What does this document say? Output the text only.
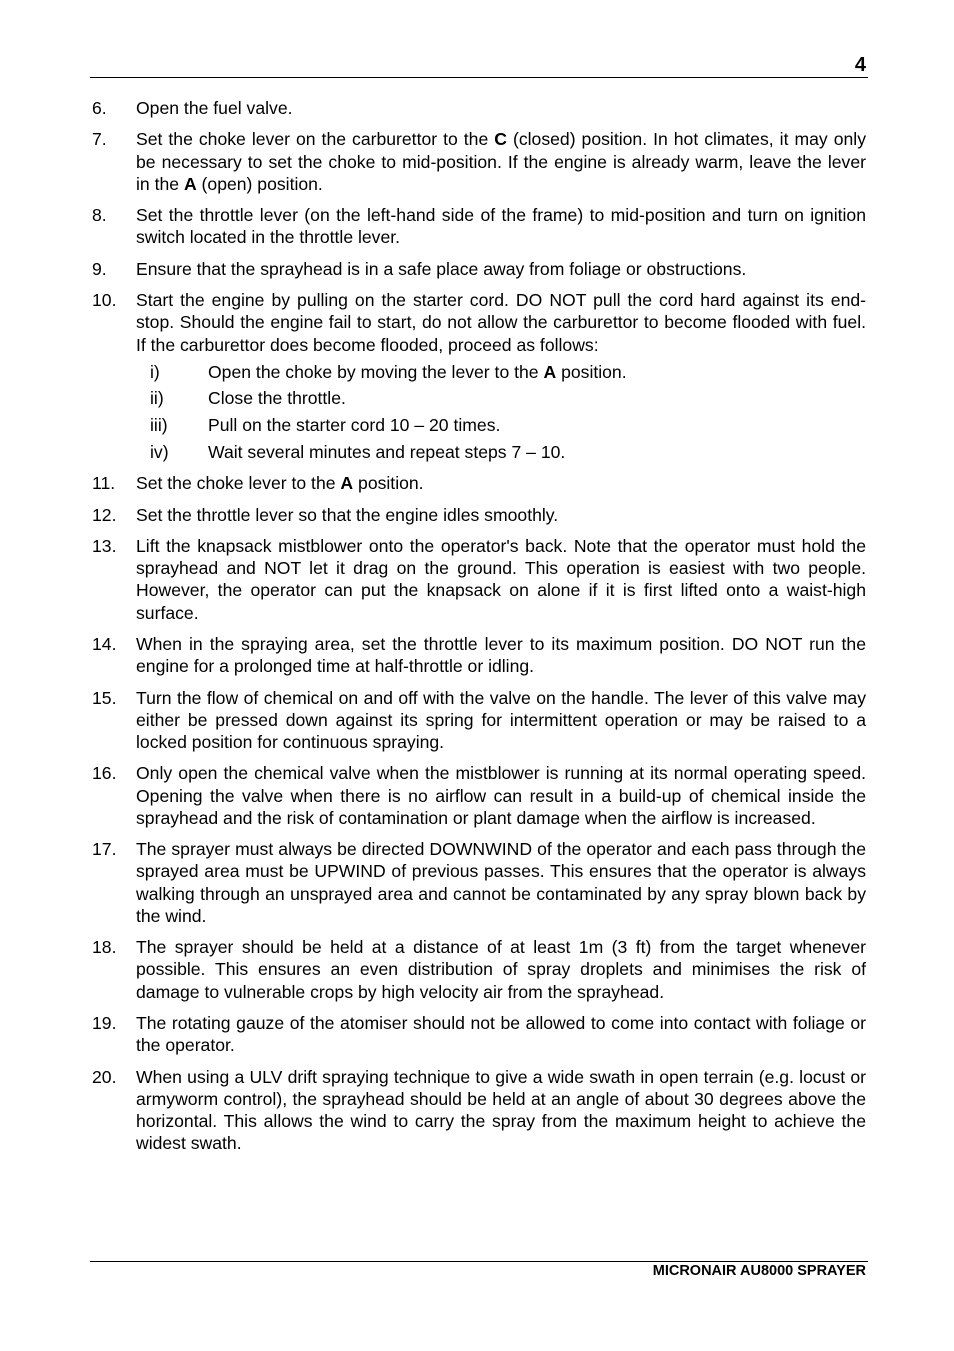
4
6.	Open the fuel valve.
7.	Set the choke lever on the carburettor to the C (closed) position. In hot climates, it may only be necessary to set the choke to mid-position. If the engine is already warm, leave the lever in the A (open) position.
8.	Set the throttle lever (on the left-hand side of the frame) to mid-position and turn on ignition switch located in the throttle lever.
9.	Ensure that the sprayhead is in a safe place away from foliage or obstructions.
10.	Start the engine by pulling on the starter cord. DO NOT pull the cord hard against its end-stop. Should the engine fail to start, do not allow the carburettor to become flooded with fuel. If the carburettor does become flooded, proceed as follows:
i)	Open the choke by moving the lever to the A position.
ii)	Close the throttle.
iii)	Pull on the starter cord 10 – 20 times.
iv)	Wait several minutes and repeat steps 7 – 10.
11.	Set the choke lever to the A position.
12.	Set the throttle lever so that the engine idles smoothly.
13.	Lift the knapsack mistblower onto the operator's back. Note that the operator must hold the sprayhead and NOT let it drag on the ground. This operation is easiest with two people. However, the operator can put the knapsack on alone if it is first lifted onto a waist-high surface.
14.	When in the spraying area, set the throttle lever to its maximum position. DO NOT run the engine for a prolonged time at half-throttle or idling.
15.	Turn the flow of chemical on and off with the valve on the handle. The lever of this valve may either be pressed down against its spring for intermittent operation or may be raised to a locked position for continuous spraying.
16.	Only open the chemical valve when the mistblower is running at its normal operating speed. Opening the valve when there is no airflow can result in a build-up of chemical inside the sprayhead and the risk of contamination or plant damage when the airflow is increased.
17.	The sprayer must always be directed DOWNWIND of the operator and each pass through the sprayed area must be UPWIND of previous passes. This ensures that the operator is always walking through an unsprayed area and cannot be contaminated by any spray blown back by the wind.
18.	The sprayer should be held at a distance of at least 1m (3 ft) from the target whenever possible. This ensures an even distribution of spray droplets and minimises the risk of damage to vulnerable crops by high velocity air from the sprayhead.
19.	The rotating gauze of the atomiser should not be allowed to come into contact with foliage or the operator.
20.	When using a ULV drift spraying technique to give a wide swath in open terrain (e.g. locust or armyworm control), the sprayhead should be held at an angle of about 30 degrees above the horizontal. This allows the wind to carry the spray from the maximum height to achieve the widest swath.
MICRONAIR AU8000 SPRAYER
